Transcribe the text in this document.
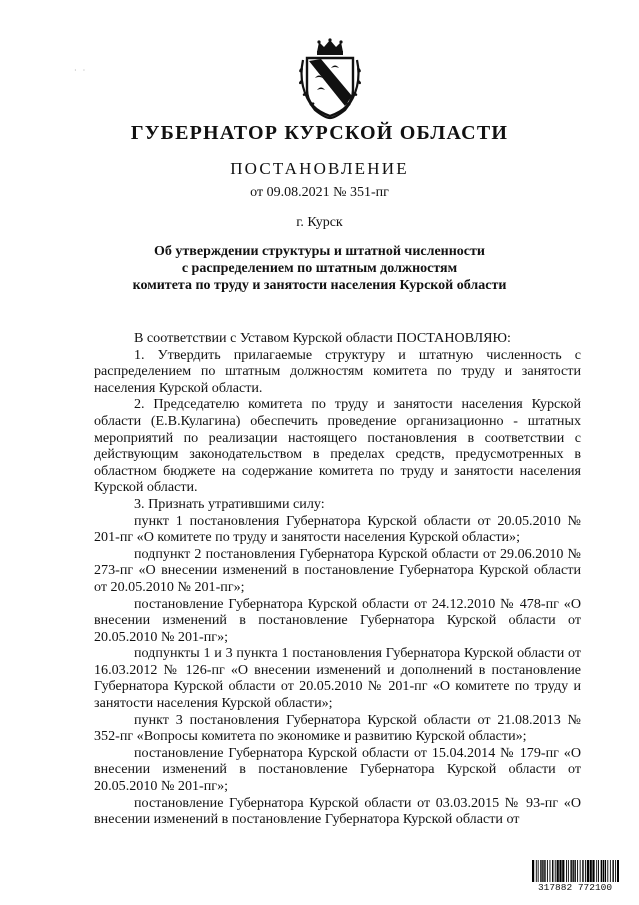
· ·
ГУБЕРНАТОР КУРСКОЙ ОБЛАСТИ
ПОСТАНОВЛЕНИЕ
от 09.08.2021 № 351-пг
г. Курск
Об утверждении структуры и штатной численности
с распределением по штатным должностям
комитета по труду и занятости населения Курской области

В соответствии с Уставом Курской области ПОСТАНОВЛЯЮ:

1. Утвердить прилагаемые структуру и штатную численность с распределением по штатным должностям комитета по труду и занятости населения Курской области.

2. Председателю комитета по труду и занятости населения Курской области (Е.В.Кулагина) обеспечить проведение организационно - штатных мероприятий по реализации настоящего постановления в соответствии с действующим законодательством в пределах средств, предусмотренных в областном бюджете на содержание комитета по труду и занятости населения Курской области.

3. Признать утратившими силу:

пункт 1 постановления Губернатора Курской области от 20.05.2010 № 201-пг «О комитете по труду и занятости населения Курской области»;

подпункт 2 постановления Губернатора Курской области от 29.06.2010 № 273-пг «О внесении изменений в постановление Губернатора Курской области от 20.05.2010 № 201-пг»;

постановление Губернатора Курской области от 24.12.2010 № 478-пг «О внесении изменений в постановление Губернатора Курской области от 20.05.2010 № 201-пг»;

подпункты 1 и 3 пункта 1 постановления Губернатора Курской области от 16.03.2012 № 126-пг «О внесении изменений и дополнений в постановление Губернатора Курской области от 20.05.2010 № 201-пг «О комитете по труду и занятости населения Курской области»;

пункт 3 постановления Губернатора Курской области от 21.08.2013 № 352-пг «Вопросы комитета по экономике и развитию Курской области»;

постановление Губернатора Курской области от 15.04.2014 № 179-пг «О внесении изменений в постановление Губернатора Курской области от 20.05.2010 № 201-пг»;

постановление Губернатора Курской области от 03.03.2015 № 93-пг «О внесении изменений в постановление Губернатора Курской области от

317882 772100
